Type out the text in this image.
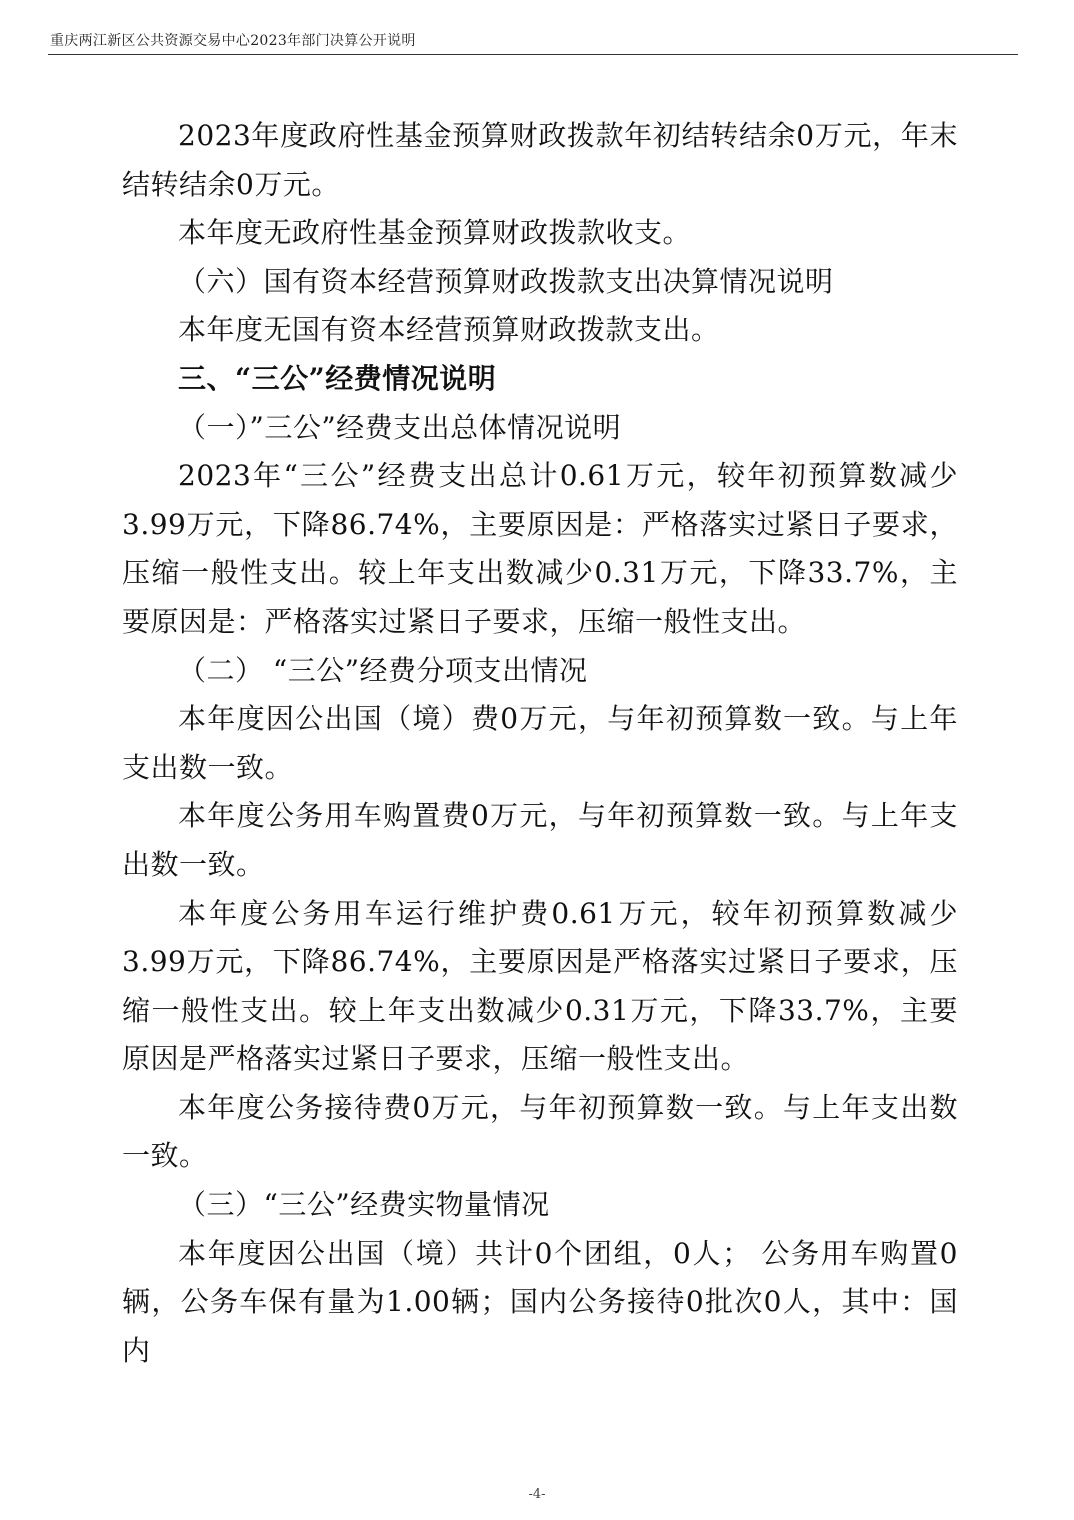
重庆两江新区公共资源交易中心2023年部门决算公开说明

2023年度政府性基金预算财政拨款年初结转结余0万元，年末结转结余0万元。

本年度无政府性基金预算财政拨款收支。

（六）国有资本经营预算财政拨款支出决算情况说明

本年度无国有资本经营预算财政拨款支出。

三、“三公”经费情况说明

（一）”三公”经费支出总体情况说明

2023年“三公”经费支出总计0.61万元，较年初预算数减少3.99万元，下降86.74%，主要原因是：严格落实过紧日子要求，压缩一般性支出。较上年支出数减少0.31万元，下降33.7%，主要原因是：严格落实过紧日子要求，压缩一般性支出。

（二） “三公”经费分项支出情况

本年度因公出国（境）费0万元，与年初预算数一致。与上年支出数一致。

本年度公务用车购置费0万元，与年初预算数一致。与上年支出数一致。

本年度公务用车运行维护费0.61万元，较年初预算数减少3.99万元，下降86.74%，主要原因是严格落实过紧日子要求，压缩一般性支出。较上年支出数减少0.31万元，下降33.7%，主要原因是严格落实过紧日子要求，压缩一般性支出。

本年度公务接待费0万元，与年初预算数一致。与上年支出数一致。

（三）“三公”经费实物量情况

本年度因公出国（境）共计0个团组，0人； 公务用车购置0辆，公务车保有量为1.00辆；国内公务接待0批次0人，其中：国内

-4-
